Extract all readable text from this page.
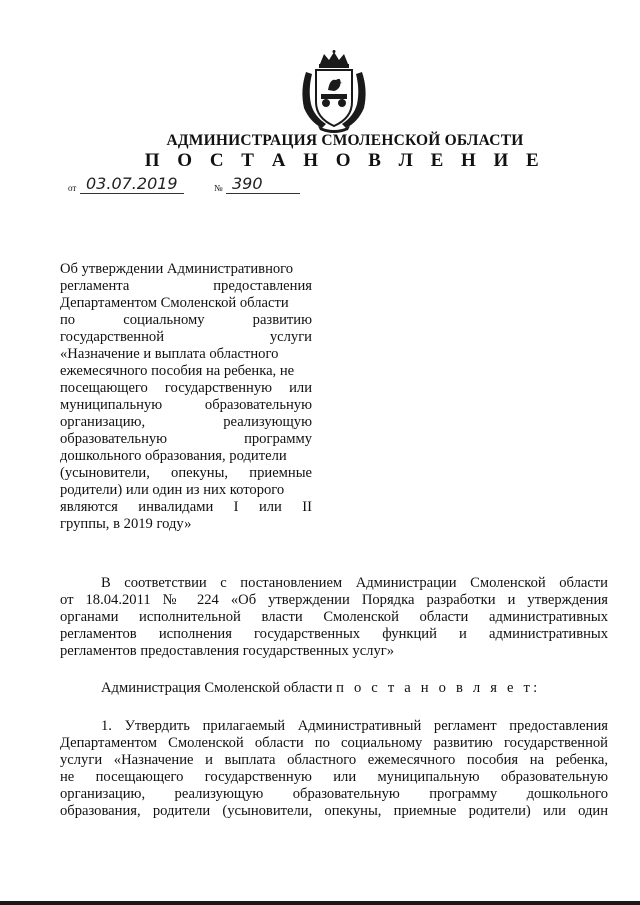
АДМИНИСТРАЦИЯ СМОЛЕНСКОЙ ОБЛАСТИ
П О С Т А Н О В Л Е Н И Е
от 03.07.2019	№ 390
Об утверждении Административного
регламента предоставления
Департаментом Смоленской области
по социальному развитию
государственной услуги
«Назначение и выплата областного
ежемесячного пособия на ребенка, не
посещающего государственную или
муниципальную образовательную
организацию, реализующую
образовательную программу
дошкольного образования, родители
(усыновители, опекуны, приемные
родители) или один из них которого
являются инвалидами I или II
группы, в 2019 году»
В соответствии с постановлением Администрации Смоленской области
от 18.04.2011 № 224 «Об утверждении Порядка разработки и утверждения
органами исполнительной власти Смоленской области административных
регламентов исполнения государственных функций и административных
регламентов предоставления государственных услуг»
Администрация Смоленской области п о с т а н о в л я е т:
1. Утвердить прилагаемый Административный регламент предоставления
Департаментом Смоленской области по социальному развитию государственной
услуги «Назначение и выплата областного ежемесячного пособия на ребенка,
не посещающего государственную или муниципальную образовательную
организацию, реализующую образовательную программу дошкольного
образования, родители (усыновители, опекуны, приемные родители) или один
